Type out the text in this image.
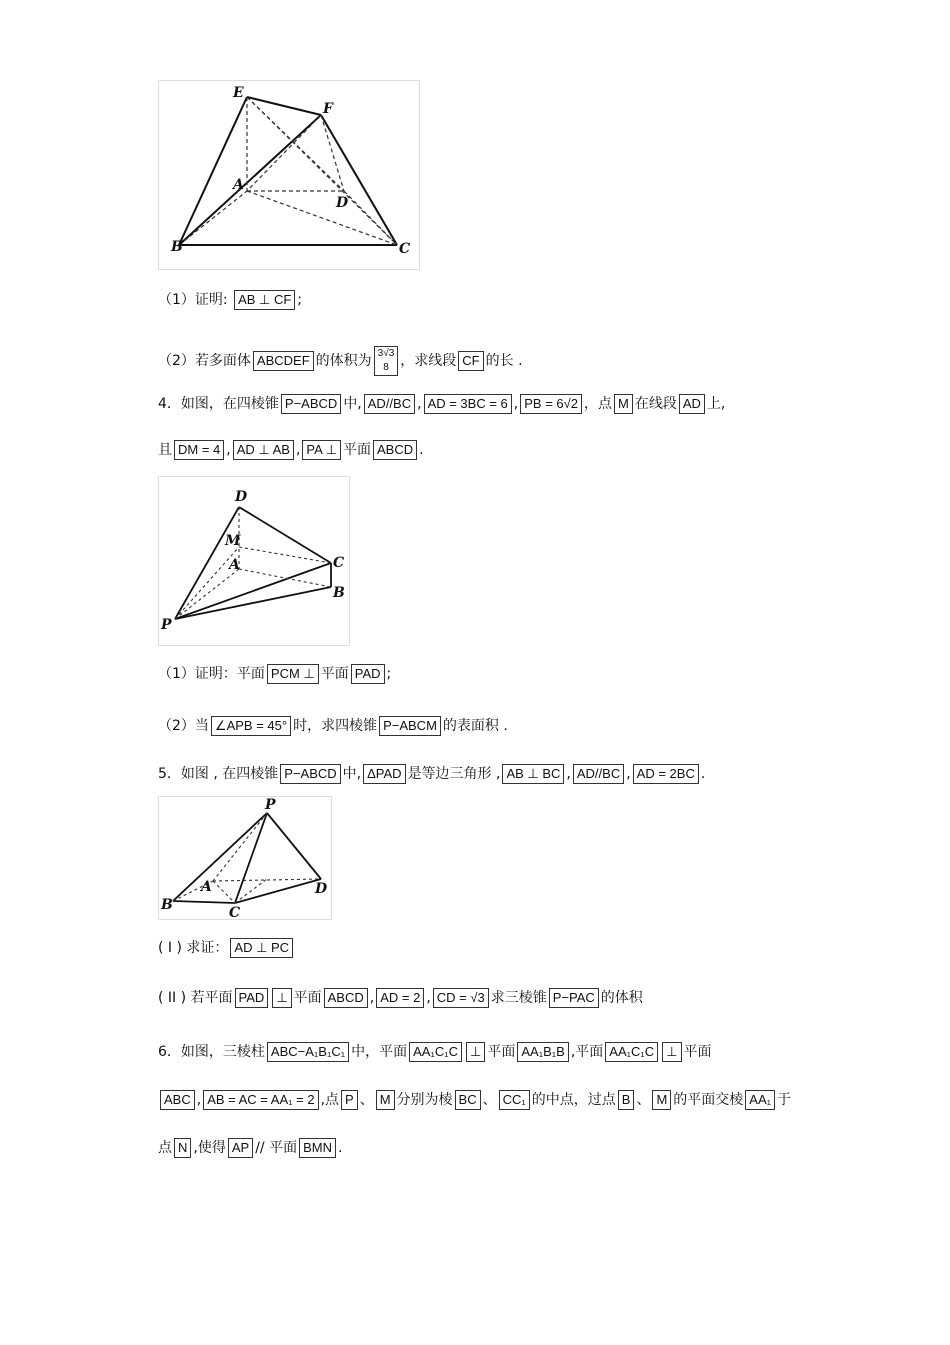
E
F
A
D
B	C
（1）证明: AB ⊥ CF ;
（2）若多面体 ABCDEF 的体积为 3√3
8 ，求线段 CF 的长 .
4．如图，在四棱锥 P−ABCD 中, AD//BC , AD = 3BC = 6 , PB = 6√2 ，点 M 在线段 AD 上,
且 DM = 4 , AD ⊥ AB , PA ⊥ 平面 ABCD .
D
M
A	C
B
P
（1）证明：平面 PCM ⊥ 平面 PAD ;
（2）当 ∠APB = 45° 时，求四棱锥 P−ABCM 的表面积 .
5．如图 , 在四棱锥 P−ABCD 中, ΔPAD 是等边三角形 , AB ⊥ BC , AD//BC , AD = 2BC .
P
A	D
B	C
( I ) 求证： AD ⊥ PC
( II ) 若平面 PAD ⊥ 平面 ABCD , AD = 2 , CD = √3 求三棱锥 P−PAC 的体积
6．如图，三棱柱 ABC−A₁B₁C₁ 中，平面 AA₁C₁C ⊥ 平面 AA₁B₁B ,平面 AA₁C₁C ⊥ 平面
ABC , AB = AC = AA₁ = 2 ,点 P 、 M 分别为棱 BC 、 CC₁ 的中点，过点 B 、 M 的平面交棱 AA₁ 于
点 N ,使得 AP // 平面 BMN .
